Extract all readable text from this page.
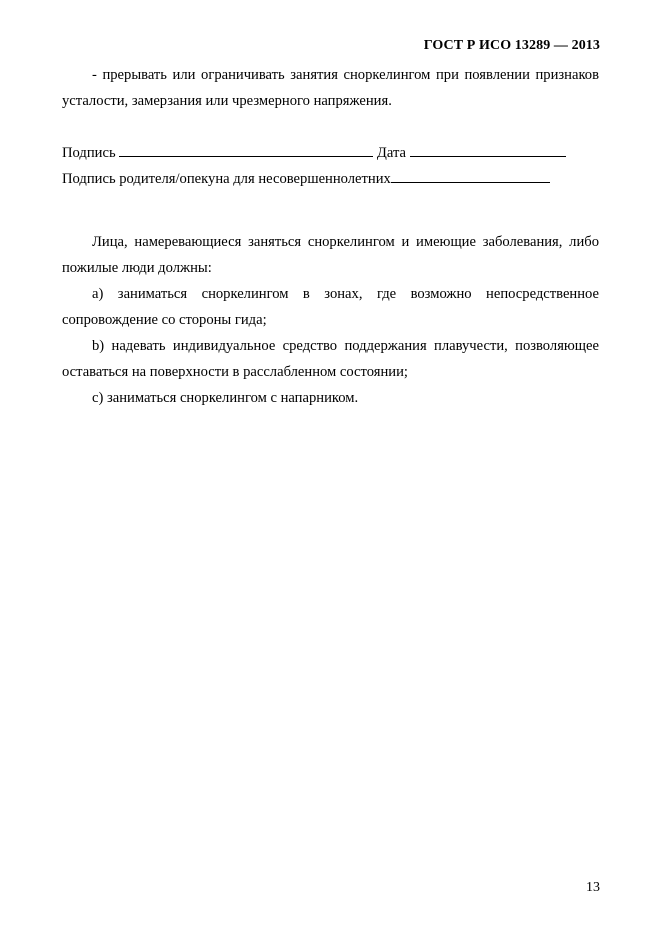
ГОСТ Р ИСО 13289 — 2013

- прерывать или ограничивать занятия сноркелингом при появлении признаков усталости, замерзания или чрезмерного напряжения.

Подпись	Дата
Подпись родителя/опекуна для несовершеннолетних

Лица, намеревающиеся заняться сноркелингом и имеющие заболевания, либо пожилые люди должны:

а) заниматься сноркелингом в зонах, где возможно непосредственное сопровождение со стороны гида;

b) надевать индивидуальное средство поддержания плавучести, позволяющее оставаться на поверхности в расслабленном состоянии;

с) заниматься сноркелингом с напарником.

13
